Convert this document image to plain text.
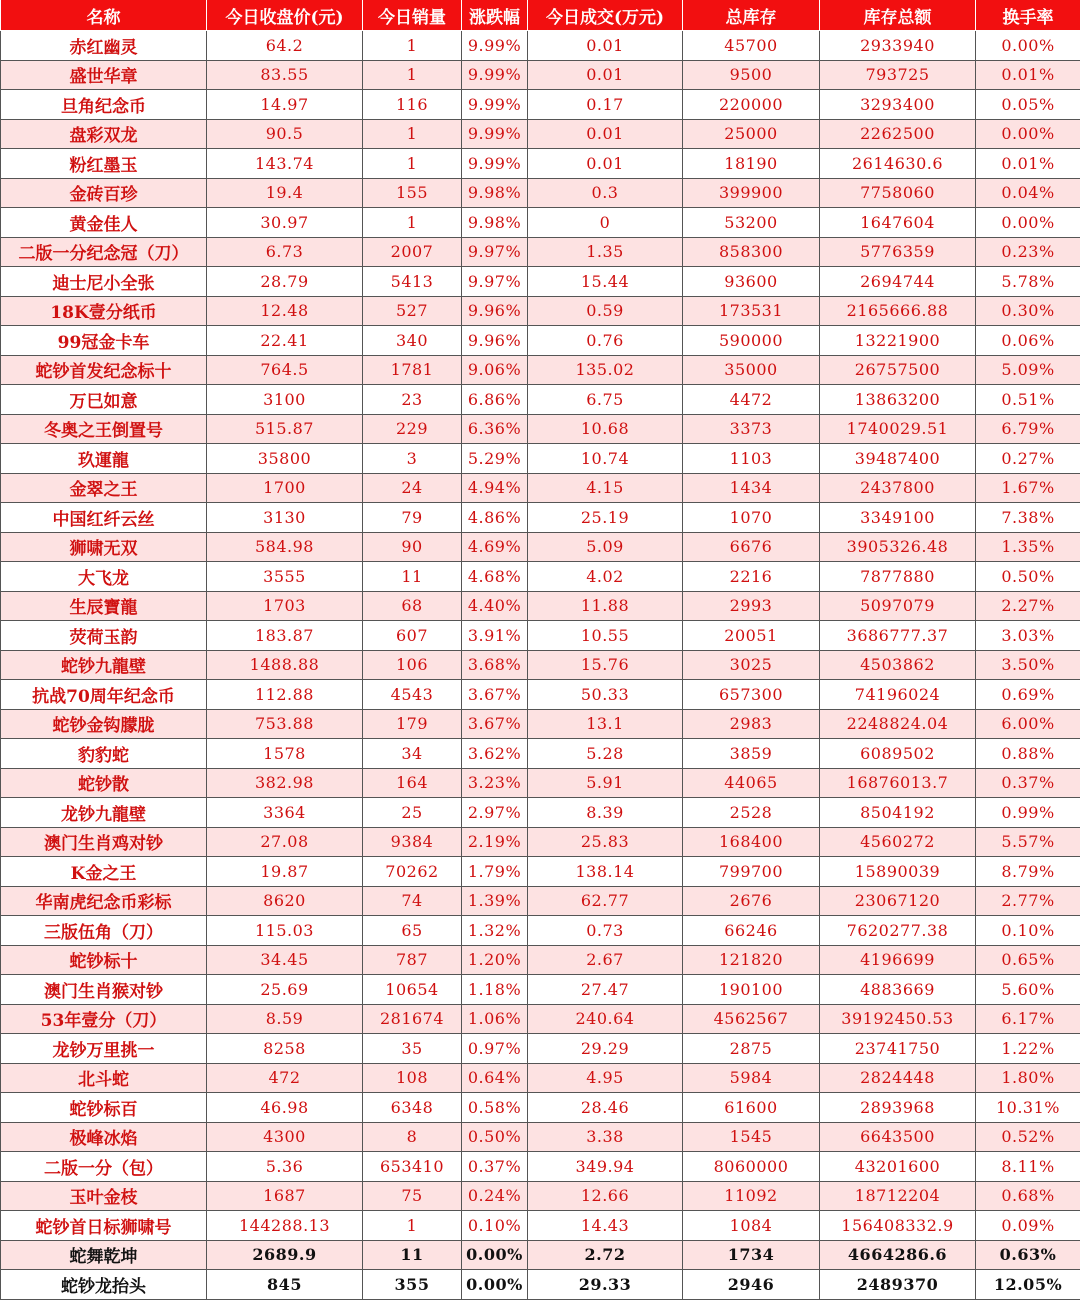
名称	今日收盘价(元)	今日销量	涨跌幅	今日成交(万元)	总库存	库存总额	换手率
赤红幽灵	64.2	1	9.99%	0.01	45700	2933940	0.00%
盛世华章	83.55	1	9.99%	0.01	9500	793725	0.01%
旦角纪念币	14.97	116	9.99%	0.17	220000	3293400	0.05%
盘彩双龙	90.5	1	9.99%	0.01	25000	2262500	0.00%
粉红墨玉	143.74	1	9.99%	0.01	18190	2614630.6	0.01%
金砖百珍	19.4	155	9.98%	0.3	399900	7758060	0.04%
黄金佳人	30.97	1	9.98%	0	53200	1647604	0.00%
二版一分纪念冠（刀）	6.73	2007	9.97%	1.35	858300	5776359	0.23%
迪士尼小全张	28.79	5413	9.97%	15.44	93600	2694744	5.78%
18K壹分纸币	12.48	527	9.96%	0.59	173531	2165666.88	0.30%
99冠金卡车	22.41	340	9.96%	0.76	590000	13221900	0.06%
蛇钞首发纪念标十	764.5	1781	9.06%	135.02	35000	26757500	5.09%
万巳如意	3100	23	6.86%	6.75	4472	13863200	0.51%
冬奥之王倒置号	515.87	229	6.36%	10.68	3373	1740029.51	6.79%
玖運龍	35800	3	5.29%	10.74	1103	39487400	0.27%
金翠之王	1700	24	4.94%	4.15	1434	2437800	1.67%
中国红纤云丝	3130	79	4.86%	25.19	1070	3349100	7.38%
狮啸无双	584.98	90	4.69%	5.09	6676	3905326.48	1.35%
大飞龙	3555	11	4.68%	4.02	2216	7877880	0.50%
生辰寶龍	1703	68	4.40%	11.88	2993	5097079	2.27%
荧荷玉韵	183.87	607	3.91%	10.55	20051	3686777.37	3.03%
蛇钞九龍壁	1488.88	106	3.68%	15.76	3025	4503862	3.50%
抗战70周年纪念币	112.88	4543	3.67%	50.33	657300	74196024	0.69%
蛇钞金钩朦胧	753.88	179	3.67%	13.1	2983	2248824.04	6.00%
豹豹蛇	1578	34	3.62%	5.28	3859	6089502	0.88%
蛇钞散	382.98	164	3.23%	5.91	44065	16876013.7	0.37%
龙钞九龍壁	3364	25	2.97%	8.39	2528	8504192	0.99%
澳门生肖鸡对钞	27.08	9384	2.19%	25.83	168400	4560272	5.57%
K金之王	19.87	70262	1.79%	138.14	799700	15890039	8.79%
华南虎纪念币彩标	8620	74	1.39%	62.77	2676	23067120	2.77%
三版伍角（刀）	115.03	65	1.32%	0.73	66246	7620277.38	0.10%
蛇钞标十	34.45	787	1.20%	2.67	121820	4196699	0.65%
澳门生肖猴对钞	25.69	10654	1.18%	27.47	190100	4883669	5.60%
53年壹分（刀）	8.59	281674	1.06%	240.64	4562567	39192450.53	6.17%
龙钞万里挑一	8258	35	0.97%	29.29	2875	23741750	1.22%
北斗蛇	472	108	0.64%	4.95	5984	2824448	1.80%
蛇钞标百	46.98	6348	0.58%	28.46	61600	2893968	10.31%
极峰冰焰	4300	8	0.50%	3.38	1545	6643500	0.52%
二版一分（包）	5.36	653410	0.37%	349.94	8060000	43201600	8.11%
玉叶金枝	1687	75	0.24%	12.66	11092	18712204	0.68%
蛇钞首日标狮啸号	144288.13	1	0.10%	14.43	1084	156408332.9	0.09%
蛇舞乾坤	2689.9	11	0.00%	2.72	1734	4664286.6	0.63%
蛇钞龙抬头	845	355	0.00%	29.33	2946	2489370	12.05%
